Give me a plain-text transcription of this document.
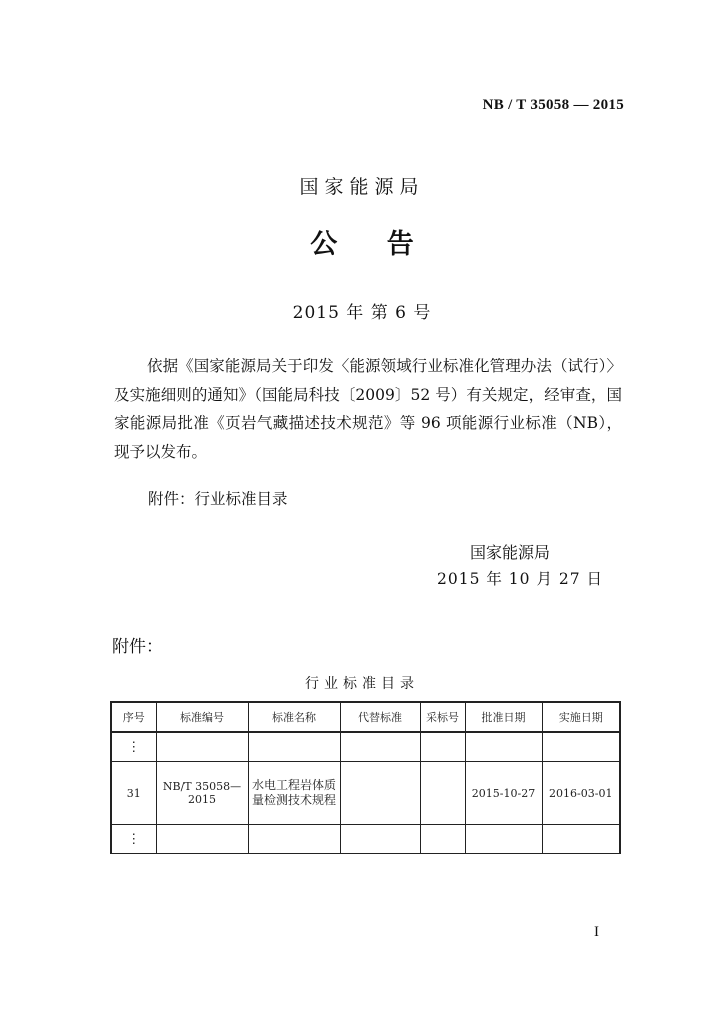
NB / T 35058 — 2015
国家能源局
公 告
2015 年 第 6 号
依据《国家能源局关于印发〈能源领域行业标准化管理办法（试行）〉及实施细则的通知》（国能局科技〔2009〕52 号）有关规定，经审查，国家能源局批准《页岩气藏描述技术规范》等 96 项能源行业标准（NB），现予以发布。
附件：行业标准目录
国家能源局
2015 年 10 月 27 日
附件：
行业标准目录
序号	标准编号	标准名称	代替标准	采标号	批准日期	实施日期
⋮						
31	NB/T 35058—2015	水电工程岩体质量检测技术规程			2015-10-27	2016-03-01
⋮						
I
